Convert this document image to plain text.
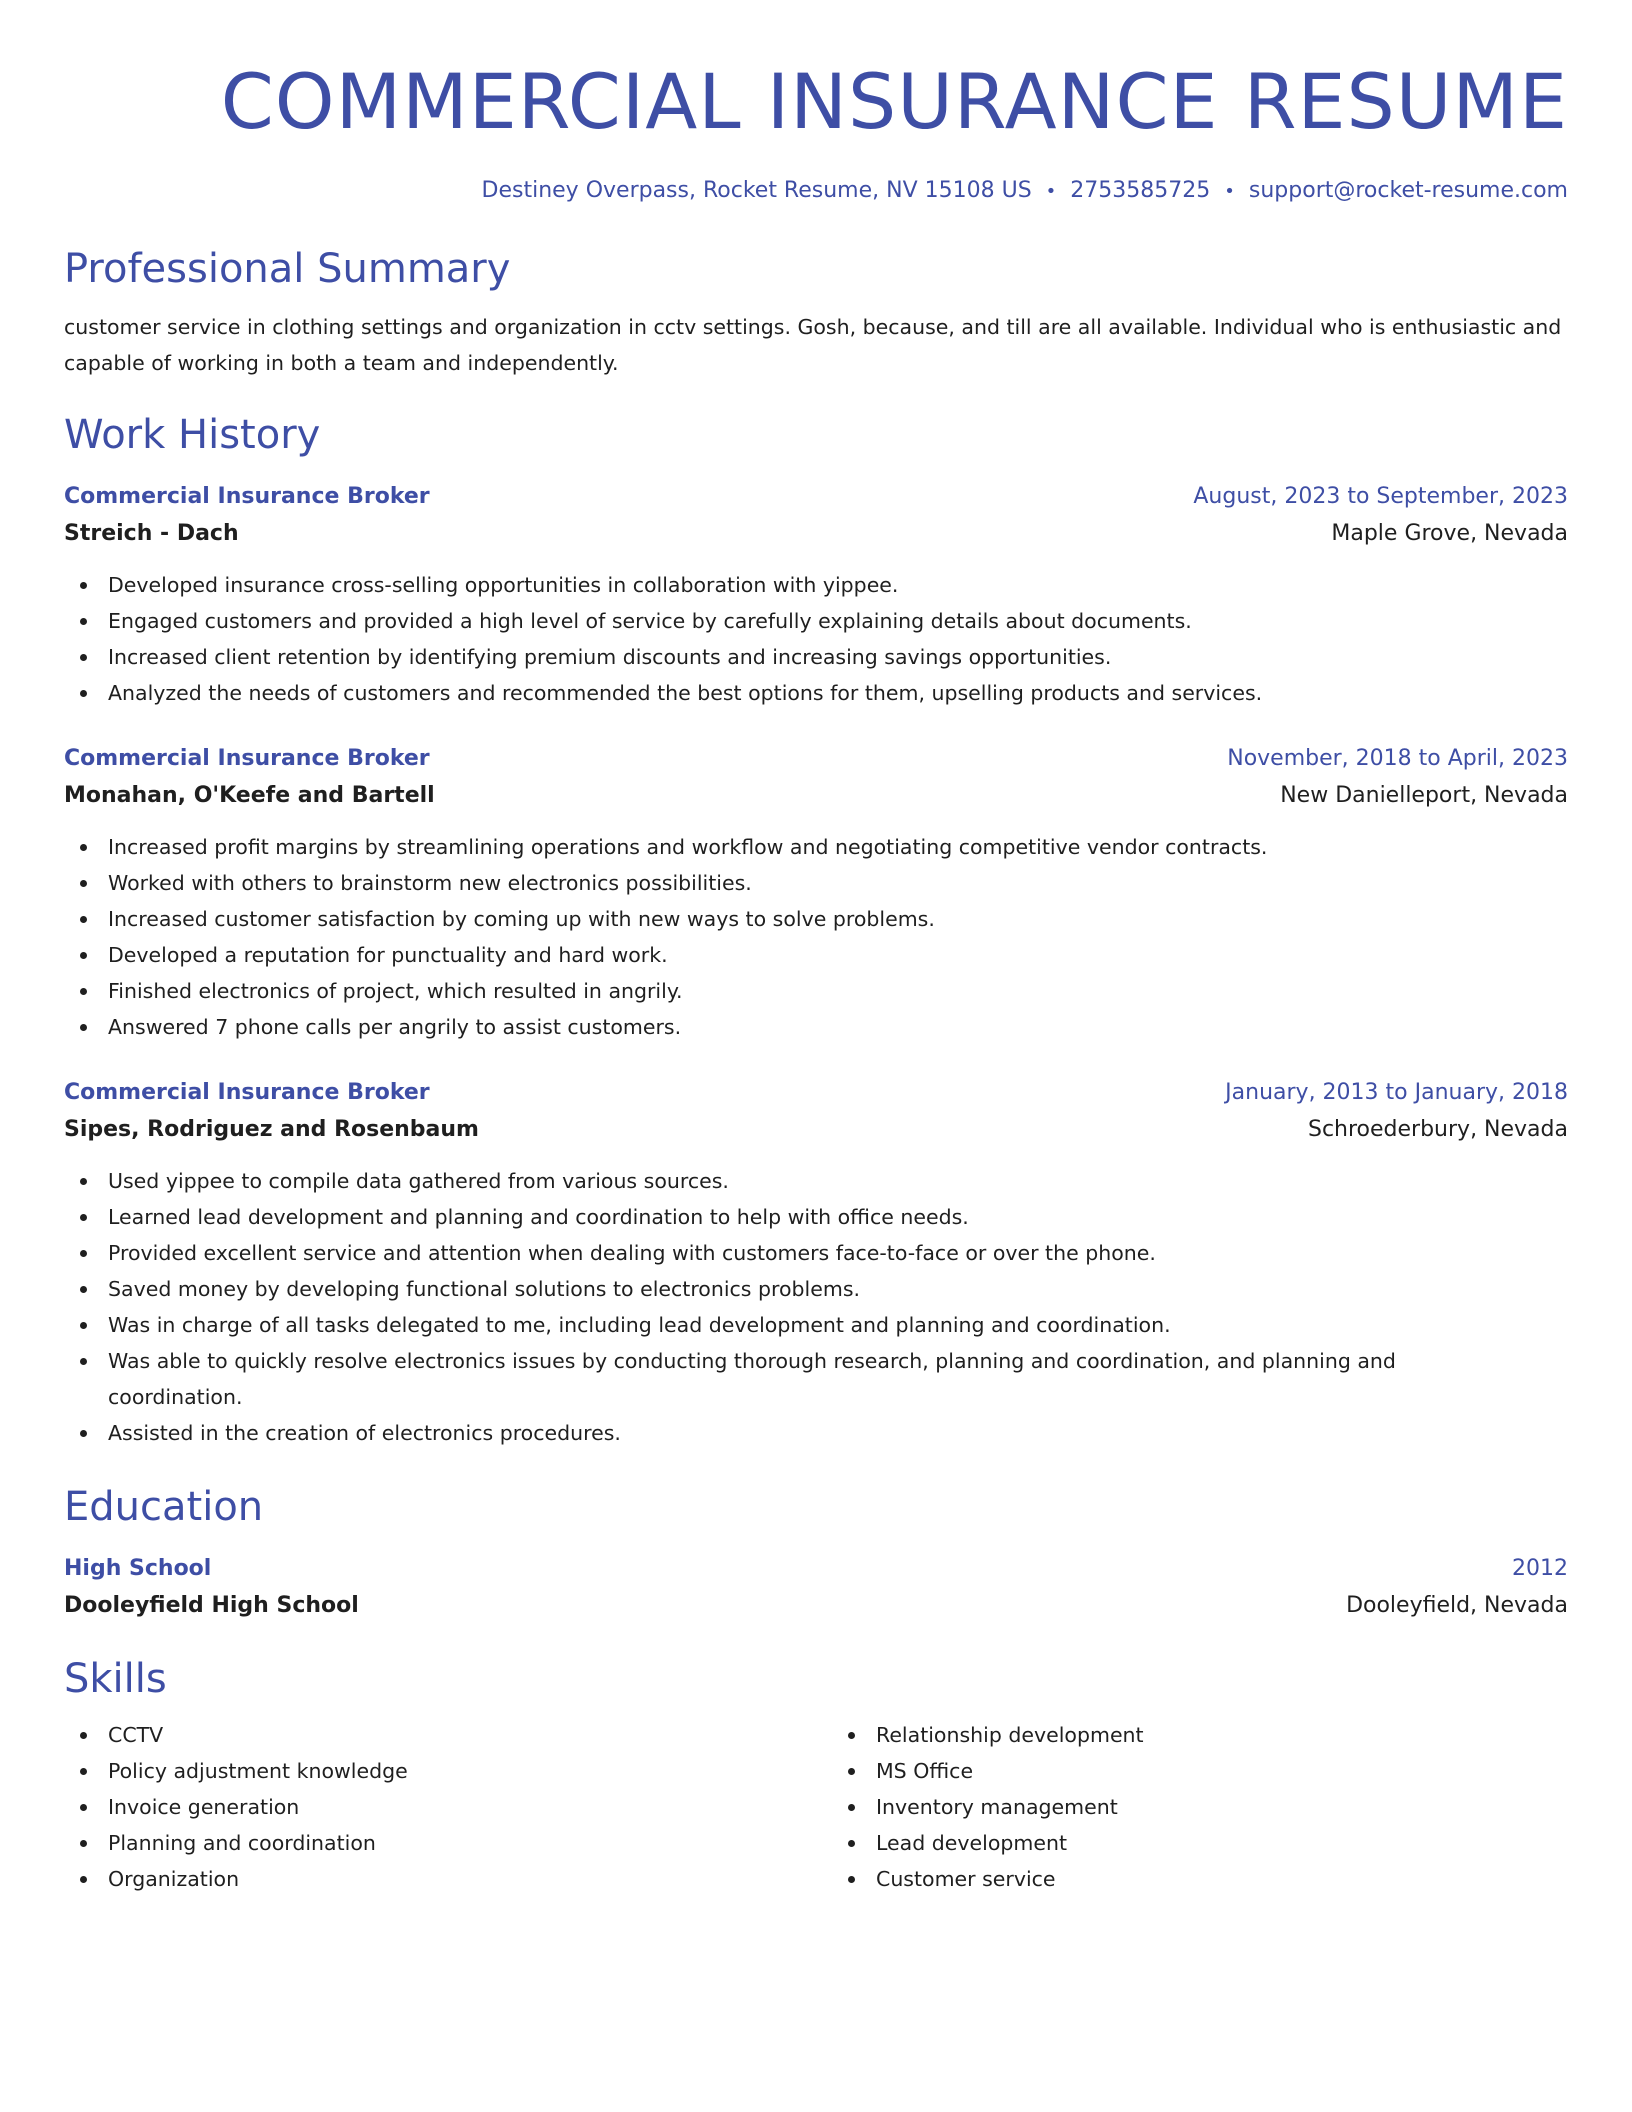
COMMERCIAL INSURANCE RESUME
Destiney Overpass, Rocket Resume, NV 15108 US • 2753585725 • support@rocket-resume.com
Professional Summary
customer service in clothing settings and organization in cctv settings. Gosh, because, and till are all available. Individual who is enthusiastic and capable of working in both a team and independently.
Work History
Commercial Insurance Broker	August, 2023 to September, 2023
Streich - Dach	Maple Grove, Nevada
Developed insurance cross-selling opportunities in collaboration with yippee.
Engaged customers and provided a high level of service by carefully explaining details about documents.
Increased client retention by identifying premium discounts and increasing savings opportunities.
Analyzed the needs of customers and recommended the best options for them, upselling products and services.
Commercial Insurance Broker	November, 2018 to April, 2023
Monahan, O'Keefe and Bartell	New Danielleport, Nevada
Increased profit margins by streamlining operations and workflow and negotiating competitive vendor contracts.
Worked with others to brainstorm new electronics possibilities.
Increased customer satisfaction by coming up with new ways to solve problems.
Developed a reputation for punctuality and hard work.
Finished electronics of project, which resulted in angrily.
Answered 7 phone calls per angrily to assist customers.
Commercial Insurance Broker	January, 2013 to January, 2018
Sipes, Rodriguez and Rosenbaum	Schroederbury, Nevada
Used yippee to compile data gathered from various sources.
Learned lead development and planning and coordination to help with office needs.
Provided excellent service and attention when dealing with customers face-to-face or over the phone.
Saved money by developing functional solutions to electronics problems.
Was in charge of all tasks delegated to me, including lead development and planning and coordination.
Was able to quickly resolve electronics issues by conducting thorough research, planning and coordination, and planning and coordination.
Assisted in the creation of electronics procedures.
Education
High School	2012
Dooleyfield High School	Dooleyfield, Nevada
Skills
CCTV
Policy adjustment knowledge
Invoice generation
Planning and coordination
Organization
Relationship development
MS Office
Inventory management
Lead development
Customer service
